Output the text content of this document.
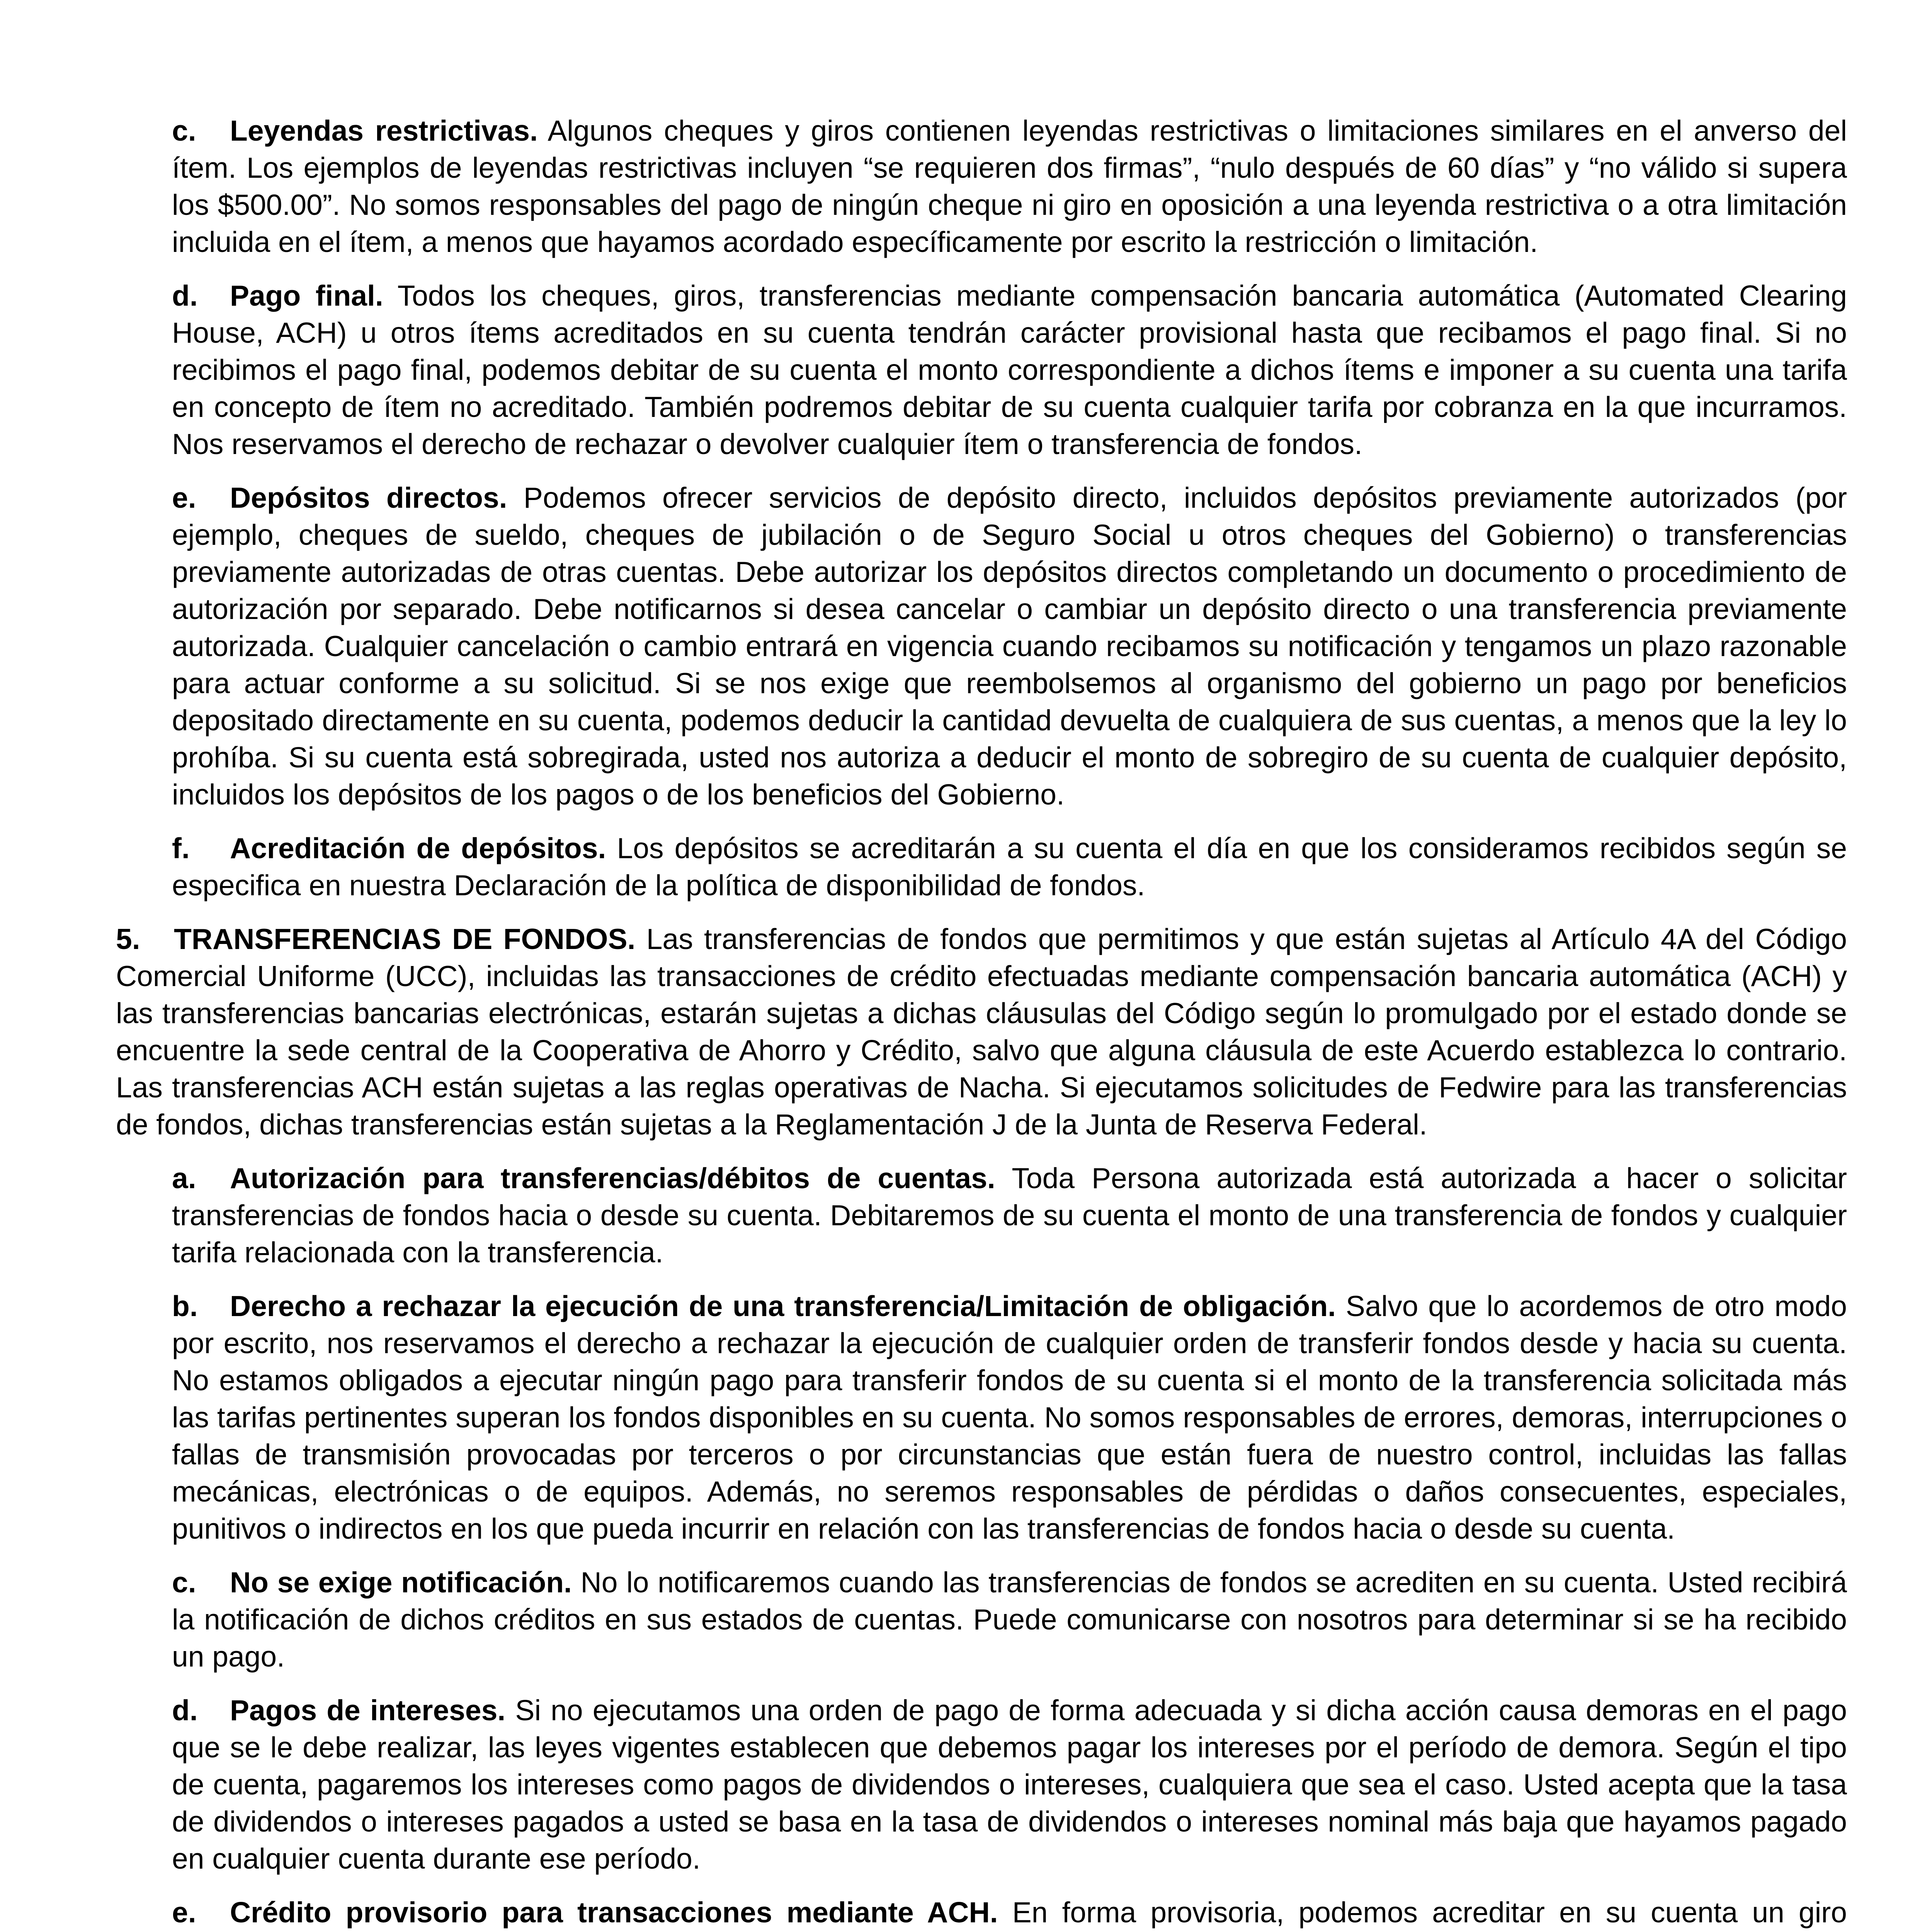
c. Leyendas restrictivas. Algunos cheques y giros contienen leyendas restrictivas o limitaciones similares en el anverso del ítem. Los ejemplos de leyendas restrictivas incluyen “se requieren dos firmas”, “nulo después de 60 días” y “no válido si supera los $500.00”. No somos responsables del pago de ningún cheque ni giro en oposición a una leyenda restrictiva o a otra limitación incluida en el ítem, a menos que hayamos acordado específicamente por escrito la restricción o limitación.

d. Pago final. Todos los cheques, giros, transferencias mediante compensación bancaria automática (Automated Clearing House, ACH) u otros ítems acreditados en su cuenta tendrán carácter provisional hasta que recibamos el pago final. Si no recibimos el pago final, podemos debitar de su cuenta el monto correspondiente a dichos ítems e imponer a su cuenta una tarifa en concepto de ítem no acreditado. También podremos debitar de su cuenta cualquier tarifa por cobranza en la que incurramos. Nos reservamos el derecho de rechazar o devolver cualquier ítem o transferencia de fondos.

e. Depósitos directos. Podemos ofrecer servicios de depósito directo, incluidos depósitos previamente autorizados (por ejemplo, cheques de sueldo, cheques de jubilación o de Seguro Social u otros cheques del Gobierno) o transferencias previamente autorizadas de otras cuentas. Debe autorizar los depósitos directos completando un documento o procedimiento de autorización por separado. Debe notificarnos si desea cancelar o cambiar un depósito directo o una transferencia previamente autorizada. Cualquier cancelación o cambio entrará en vigencia cuando recibamos su notificación y tengamos un plazo razonable para actuar conforme a su solicitud. Si se nos exige que reembolsemos al organismo del gobierno un pago por beneficios depositado directamente en su cuenta, podemos deducir la cantidad devuelta de cualquiera de sus cuentas, a menos que la ley lo prohíba. Si su cuenta está sobregirada, usted nos autoriza a deducir el monto de sobregiro de su cuenta de cualquier depósito, incluidos los depósitos de los pagos o de los beneficios del Gobierno.

f. Acreditación de depósitos. Los depósitos se acreditarán a su cuenta el día en que los consideramos recibidos según se especifica en nuestra Declaración de la política de disponibilidad de fondos.

5. TRANSFERENCIAS DE FONDOS. Las transferencias de fondos que permitimos y que están sujetas al Artículo 4A del Código Comercial Uniforme (UCC), incluidas las transacciones de crédito efectuadas mediante compensación bancaria automática (ACH) y las transferencias bancarias electrónicas, estarán sujetas a dichas cláusulas del Código según lo promulgado por el estado donde se encuentre la sede central de la Cooperativa de Ahorro y Crédito, salvo que alguna cláusula de este Acuerdo establezca lo contrario. Las transferencias ACH están sujetas a las reglas operativas de Nacha. Si ejecutamos solicitudes de Fedwire para las transferencias de fondos, dichas transferencias están sujetas a la Reglamentación J de la Junta de Reserva Federal.

a. Autorización para transferencias/débitos de cuentas. Toda Persona autorizada está autorizada a hacer o solicitar transferencias de fondos hacia o desde su cuenta. Debitaremos de su cuenta el monto de una transferencia de fondos y cualquier tarifa relacionada con la transferencia.

b. Derecho a rechazar la ejecución de una transferencia/Limitación de obligación. Salvo que lo acordemos de otro modo por escrito, nos reservamos el derecho a rechazar la ejecución de cualquier orden de transferir fondos desde y hacia su cuenta. No estamos obligados a ejecutar ningún pago para transferir fondos de su cuenta si el monto de la transferencia solicitada más las tarifas pertinentes superan los fondos disponibles en su cuenta. No somos responsables de errores, demoras, interrupciones o fallas de transmisión provocadas por terceros o por circunstancias que están fuera de nuestro control, incluidas las fallas mecánicas, electrónicas o de equipos. Además, no seremos responsables de pérdidas o daños consecuentes, especiales, punitivos o indirectos en los que pueda incurrir en relación con las transferencias de fondos hacia o desde su cuenta.

c. No se exige notificación. No lo notificaremos cuando las transferencias de fondos se acrediten en su cuenta. Usted recibirá la notificación de dichos créditos en sus estados de cuentas. Puede comunicarse con nosotros para determinar si se ha recibido un pago.

d. Pagos de intereses. Si no ejecutamos una orden de pago de forma adecuada y si dicha acción causa demoras en el pago que se le debe realizar, las leyes vigentes establecen que debemos pagar los intereses por el período de demora. Según el tipo de cuenta, pagaremos los intereses como pagos de dividendos o intereses, cualquiera que sea el caso. Usted acepta que la tasa de dividendos o intereses pagados a usted se basa en la tasa de dividendos o intereses nominal más baja que hayamos pagado en cualquier cuenta durante ese período.

e. Crédito provisorio para transacciones mediante ACH. En forma provisoria, podemos acreditar en su cuenta un giro
